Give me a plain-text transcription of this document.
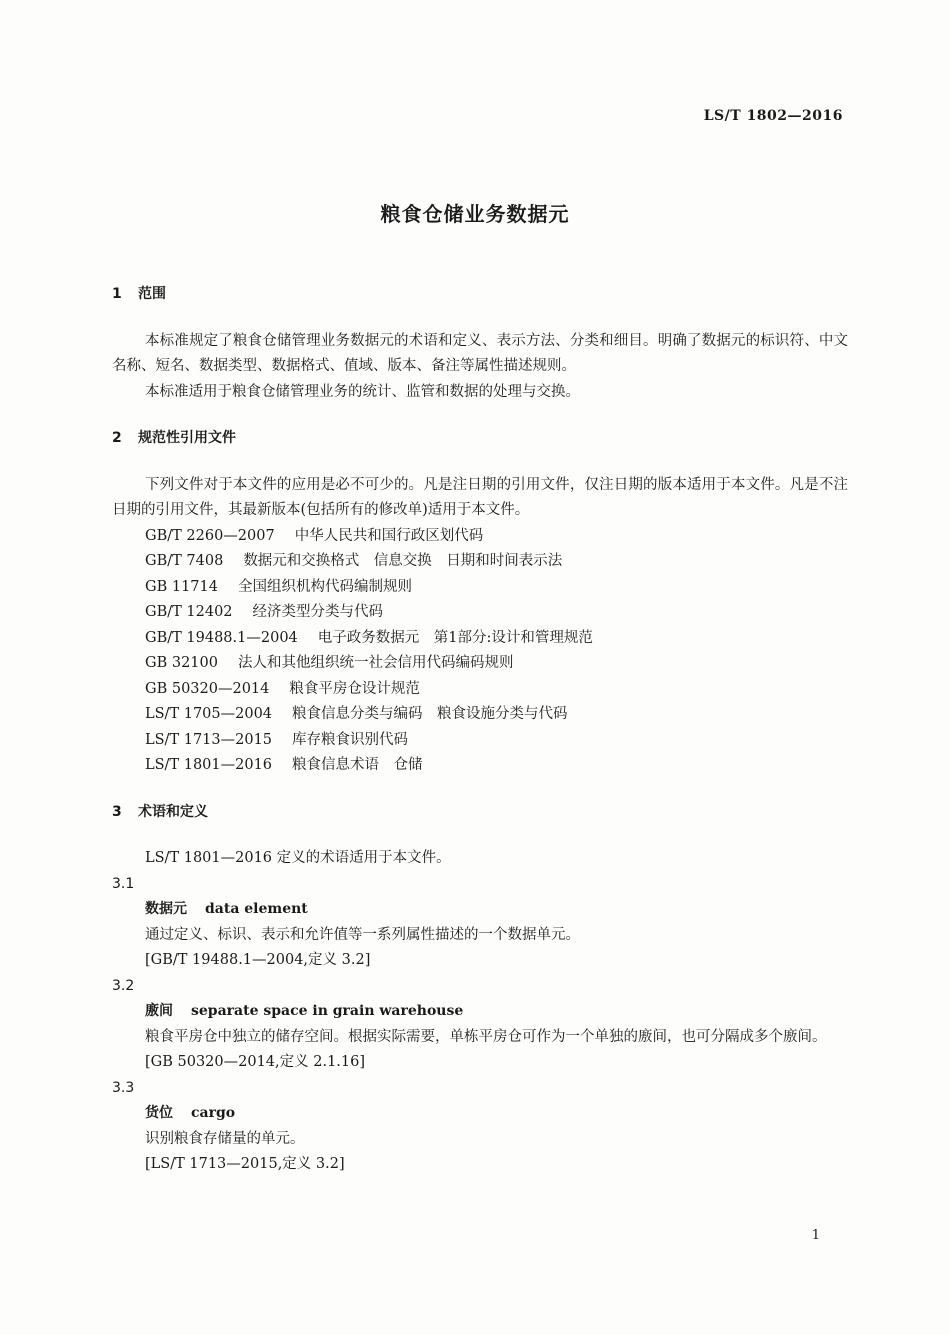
LS/T 1802—2016
粮食仓储业务数据元
1 范围

本标准规定了粮食仓储管理业务数据元的术语和定义、表示方法、分类和细目。明确了数据元的标识符、中文名称、短名、数据类型、数据格式、值域、版本、备注等属性描述规则。

本标准适用于粮食仓储管理业务的统计、监管和数据的处理与交换。

2 规范性引用文件

下列文件对于本文件的应用是必不可少的。凡是注日期的引用文件，仅注日期的版本适用于本文件。凡是不注日期的引用文件，其最新版本(包括所有的修改单)适用于本文件。

GB/T 2260—2007 中华人民共和国行政区划代码
GB/T 7408 数据元和交换格式　信息交换　日期和时间表示法
GB 11714 全国组织机构代码编制规则
GB/T 12402 经济类型分类与代码
GB/T 19488.1—2004 电子政务数据元　第1部分:设计和管理规范
GB 32100 法人和其他组织统一社会信用代码编码规则
GB 50320—2014 粮食平房仓设计规范
LS/T 1705—2004 粮食信息分类与编码　粮食设施分类与代码
LS/T 1713—2015 库存粮食识别代码
LS/T 1801—2016 粮食信息术语　仓储
3 术语和定义

LS/T 1801—2016 定义的术语适用于本文件。

3.1

数据元 data element

通过定义、标识、表示和允许值等一系列属性描述的一个数据单元。

[GB/T 19488.1—2004,定义 3.2]

3.2

廒间 separate space in grain warehouse

粮食平房仓中独立的储存空间。根据实际需要，单栋平房仓可作为一个单独的廒间，也可分隔成多个廒间。

[GB 50320—2014,定义 2.1.16]

3.3

货位 cargo

识别粮食存储量的单元。

[LS/T 1713—2015,定义 3.2]

1
